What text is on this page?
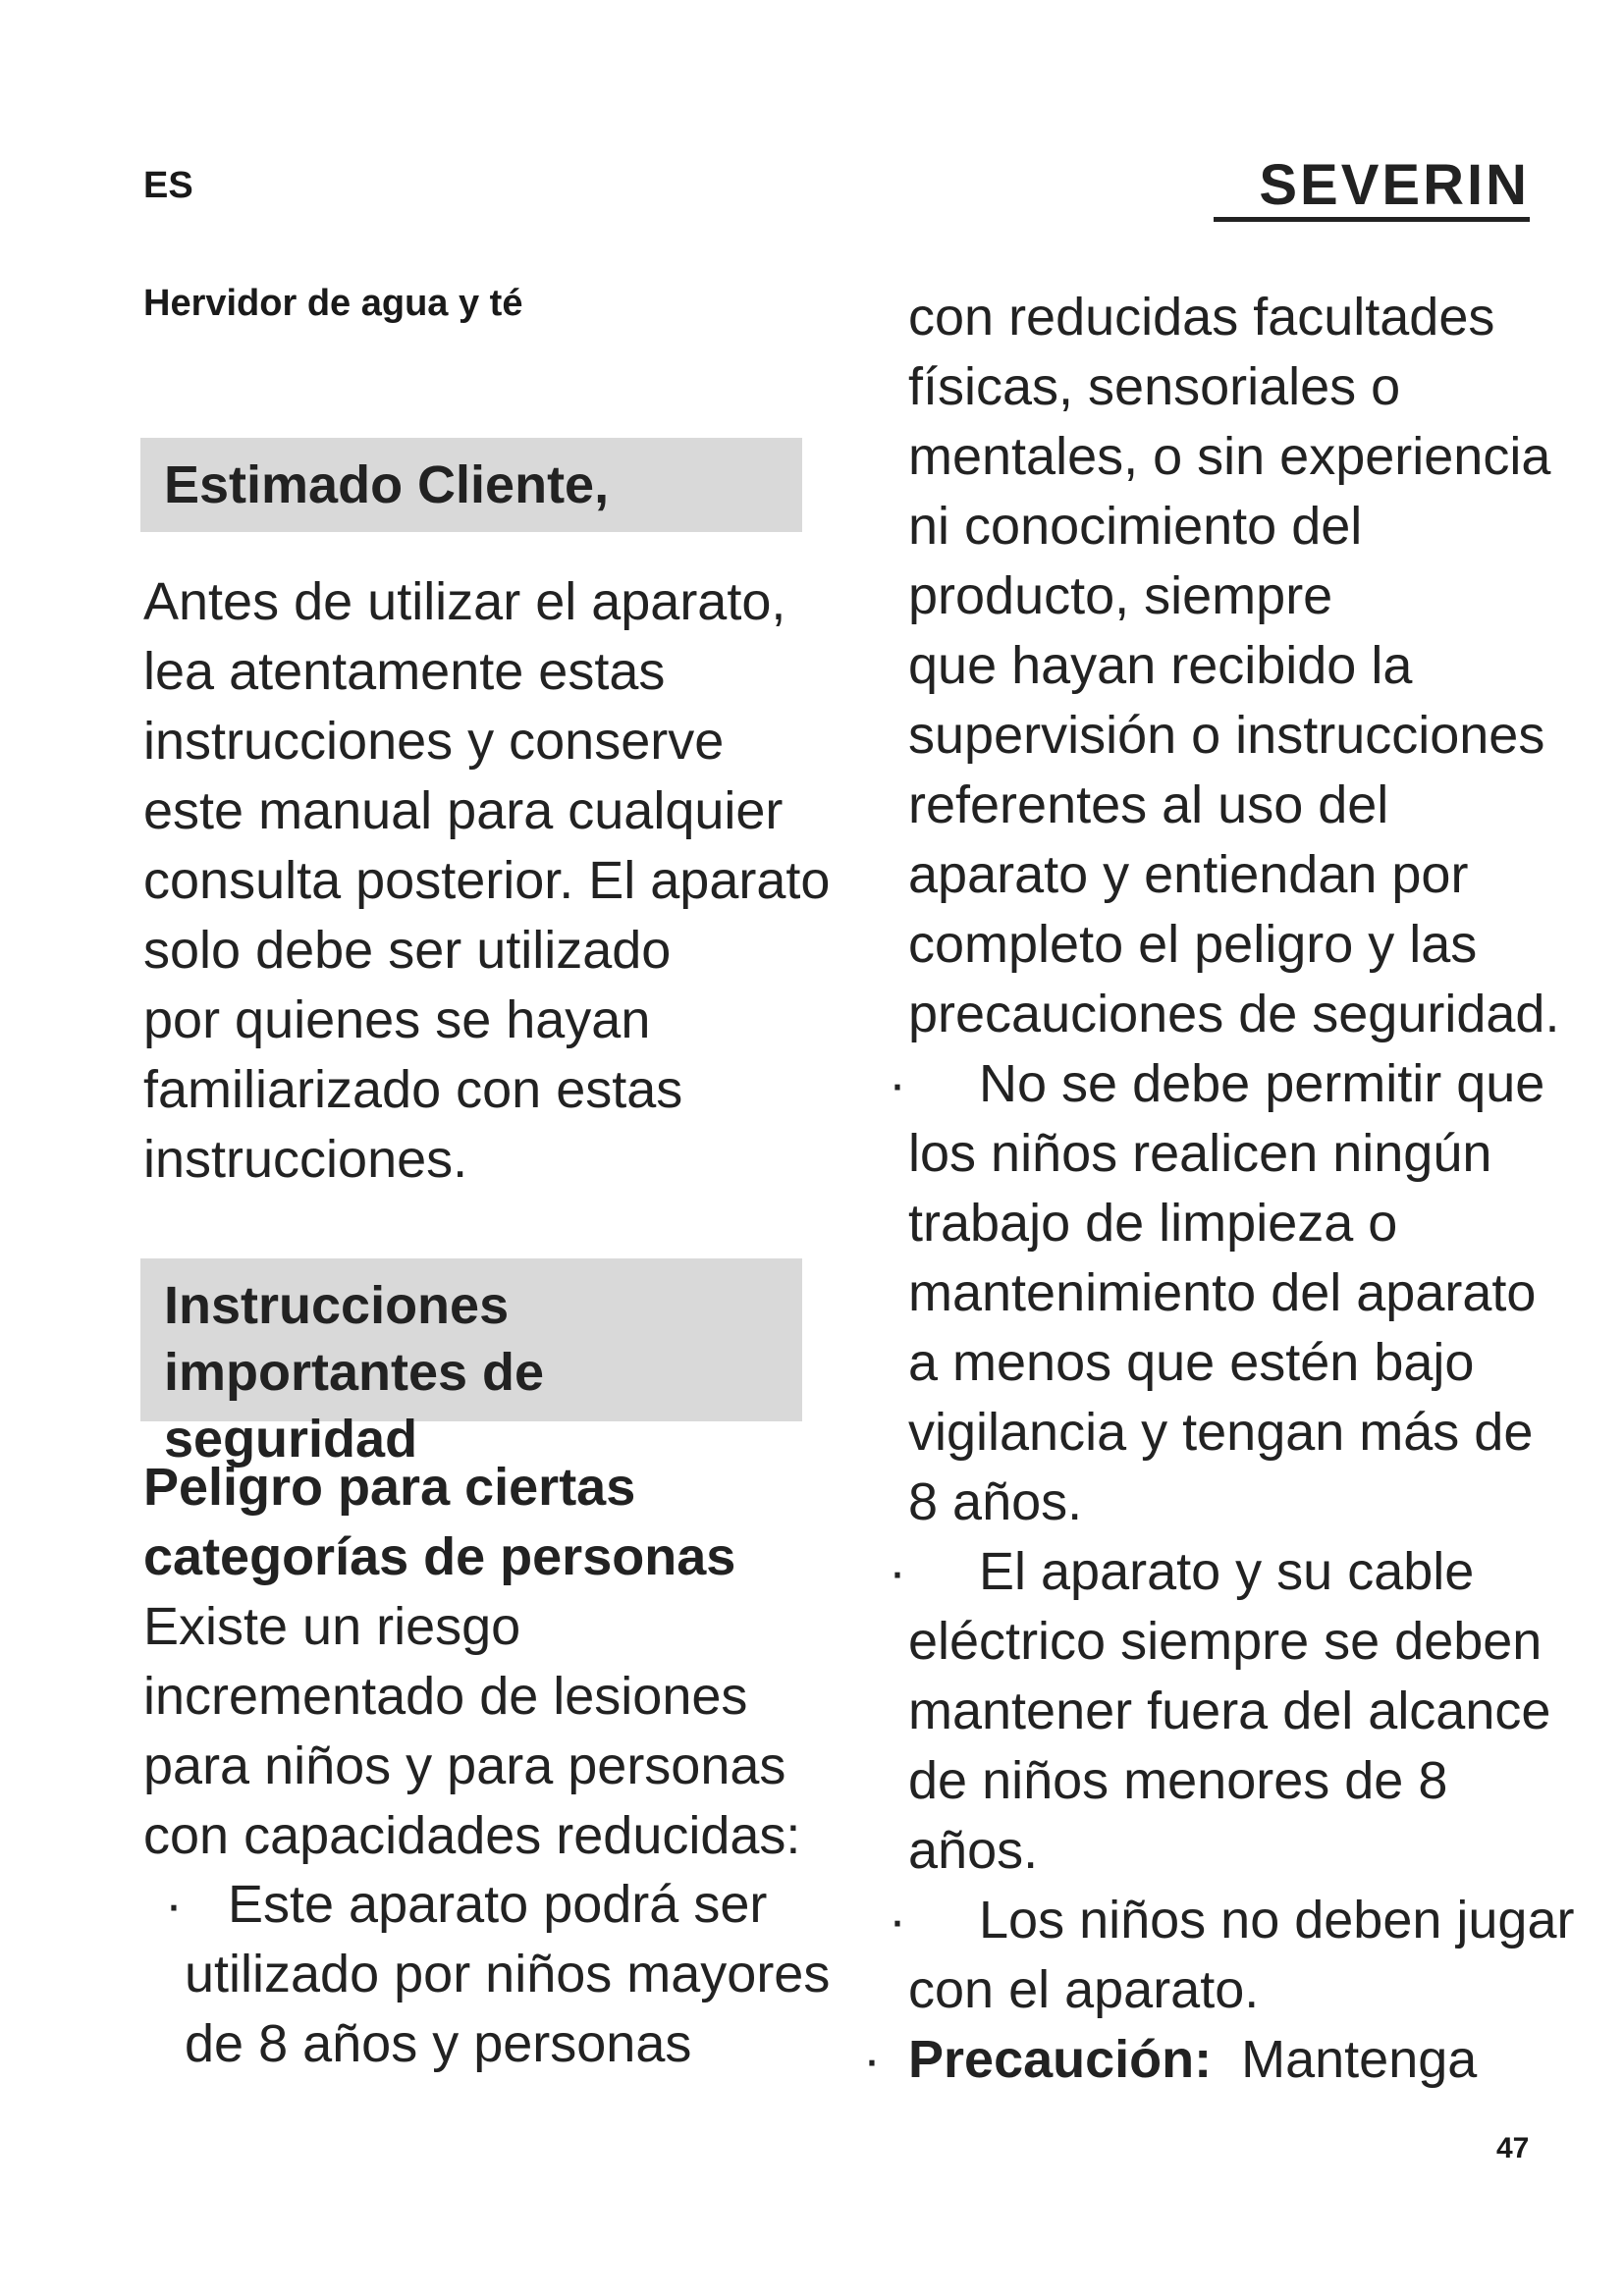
ES	SEVERIN
Hervidor de agua y té
Estimado Cliente,
Antes de utilizar el aparato,
lea atentamente estas
instrucciones y conserve
este manual para cualquier
consulta posterior. El aparato
solo debe ser utilizado
por quienes se hayan
familiarizado con estas
instrucciones.
Instrucciones
importantes de seguridad
Peligro para ciertas
categorías de personas
Existe un riesgo
incrementado de lesiones
para niños y para personas
con capacidades reducidas:
· Este aparato podrá ser
utilizado por niños mayores
de 8 años y personas
con reducidas facultades
físicas, sensoriales o
mentales, o sin experiencia
ni conocimiento del
producto, siempre
que hayan recibido la
supervisión o instrucciones
referentes al uso del
aparato y entiendan por
completo el peligro y las
precauciones de seguridad.
·	No se debe permitir que
los niños realicen ningún
trabajo de limpieza o
mantenimiento del aparato
a menos que estén bajo
vigilancia y tengan más de
8 años.
·	El aparato y su cable
eléctrico siempre se deben
mantener fuera del alcance
de niños menores de 8
años.
·	Los niños no deben jugar
con el aparato.
· Precaución: Mantenga
47
